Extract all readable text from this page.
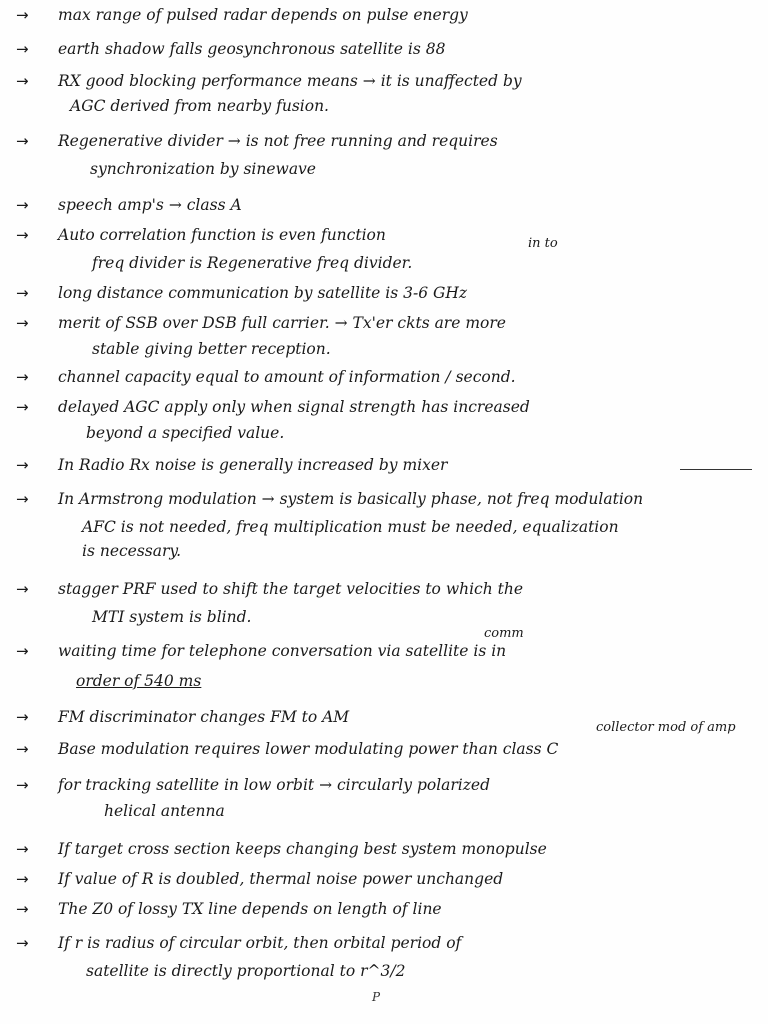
→ max range of pulsed radar depends on pulse energy
→ earth shadow falls geosynchronous satellite is 88
→ RX good blocking performance means → it is unaffected by
AGC derived from nearby fusion.
→ Regenerative divider → is not free running and requires
synchronization by sinewave
→ speech amp's → class A
→ Auto correlation function is even function	in to
freq divider is Regenerative freq divider.
→ long distance communication by satellite is 3-6 GHz
→ merit of SSB over DSB full carrier. → Tx'er ckts are more
stable giving better reception.
→ channel capacity equal to amount of information / second.
→ delayed AGC apply only when signal strength has increased
beyond a specified value.
→ In Radio Rx noise is generally increased by mixer
→ In Armstrong modulation → system is basically phase, not freq modulation
AFC is not needed, freq multiplication must be needed, equalization
is necessary.
→ stagger PRF used to shift the target velocities to which the
MTI system is blind.
comm
→ waiting time for telephone conversation via satellite is in
order of 540 ms
→ FM discriminator changes FM to AM
collector mod of amp
→ Base modulation requires lower modulating power than class C
→ for tracking satellite in low orbit → circularly polarized
helical antenna
→ If target cross section keeps changing best system monopulse
→ If value of R is doubled, thermal noise power unchanged
→ The Z0 of lossy TX line depends on length of line
→ If r is radius of circular orbit, then orbital period of
satellite is directly proportional to r^3/2
P
